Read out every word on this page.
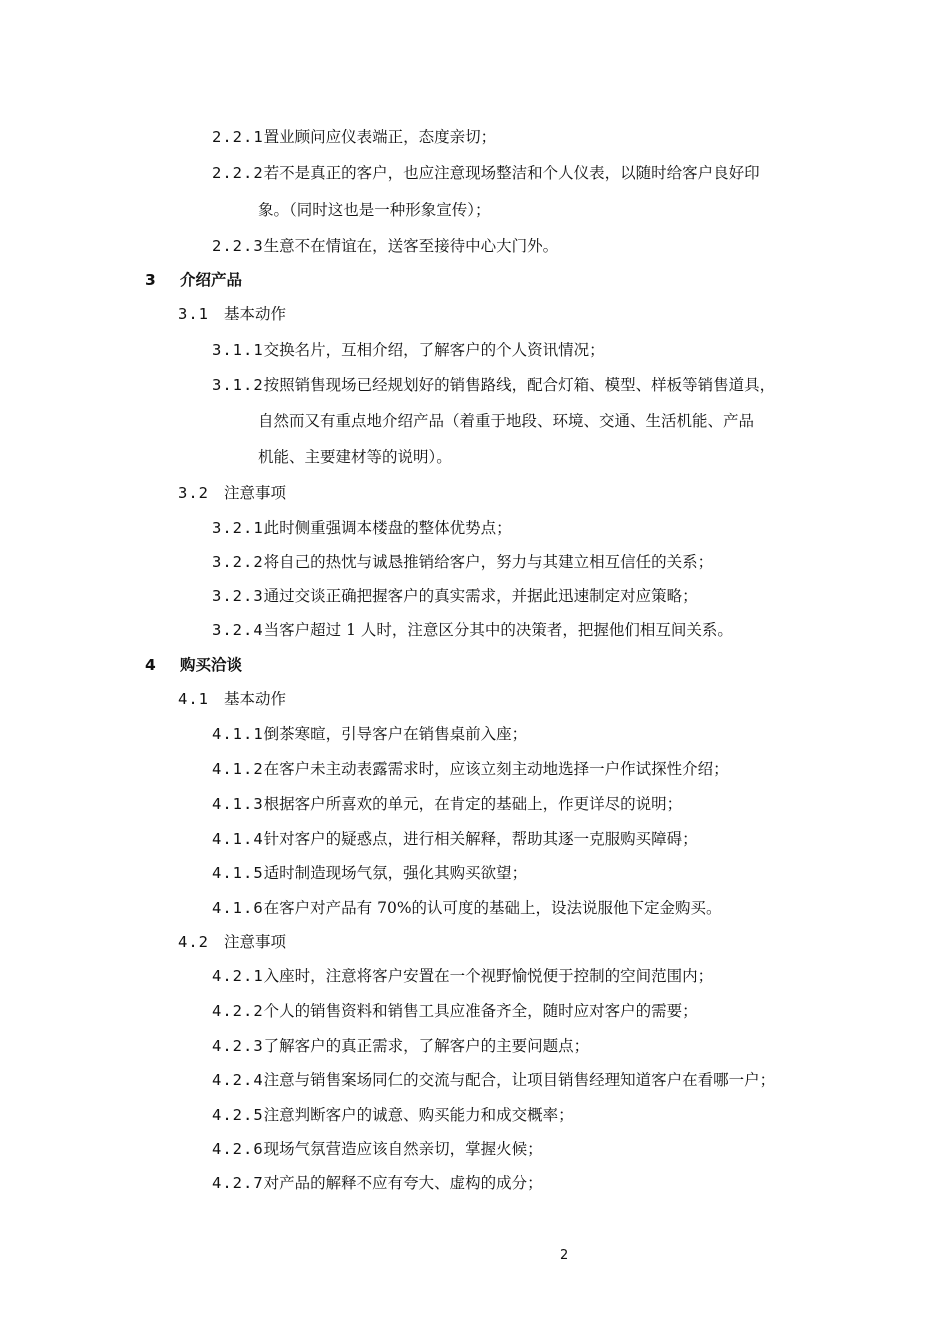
2.2.1置业顾问应仪表端正，态度亲切；
2.2.2若不是真正的客户，也应注意现场整洁和个人仪表，以随时给客户良好印
象。（同时这也是一种形象宣传）；
2.2.3生意不在情谊在，送客至接待中心大门外。
3 介绍产品
3.1 基本动作
3.1.1交换名片，互相介绍，了解客户的个人资讯情况；
3.1.2按照销售现场已经规划好的销售路线，配合灯箱、模型、样板等销售道具，
自然而又有重点地介绍产品（着重于地段、环境、交通、生活机能、产品
机能、主要建材等的说明）。
3.2 注意事项
3.2.1此时侧重强调本楼盘的整体优势点；
3.2.2将自己的热忱与诚恳推销给客户，努力与其建立相互信任的关系；
3.2.3通过交谈正确把握客户的真实需求，并据此迅速制定对应策略；
3.2.4当客户超过 1 人时，注意区分其中的决策者，把握他们相互间关系。
4 购买洽谈
4.1 基本动作
4.1.1倒茶寒暄，引导客户在销售桌前入座；
4.1.2在客户未主动表露需求时，应该立刻主动地选择一户作试探性介绍；
4.1.3根据客户所喜欢的单元，在肯定的基础上，作更详尽的说明；
4.1.4针对客户的疑惑点，进行相关解释，帮助其逐一克服购买障碍；
4.1.5适时制造现场气氛，强化其购买欲望；
4.1.6在客户对产品有 70%的认可度的基础上，设法说服他下定金购买。
4.2 注意事项
4.2.1入座时，注意将客户安置在一个视野愉悦便于控制的空间范围内；
4.2.2个人的销售资料和销售工具应准备齐全，随时应对客户的需要；
4.2.3了解客户的真正需求，了解客户的主要问题点；
4.2.4注意与销售案场同仁的交流与配合，让项目销售经理知道客户在看哪一户；
4.2.5注意判断客户的诚意、购买能力和成交概率；
4.2.6现场气氛营造应该自然亲切，掌握火候；
4.2.7对产品的解释不应有夸大、虚构的成分；
2
